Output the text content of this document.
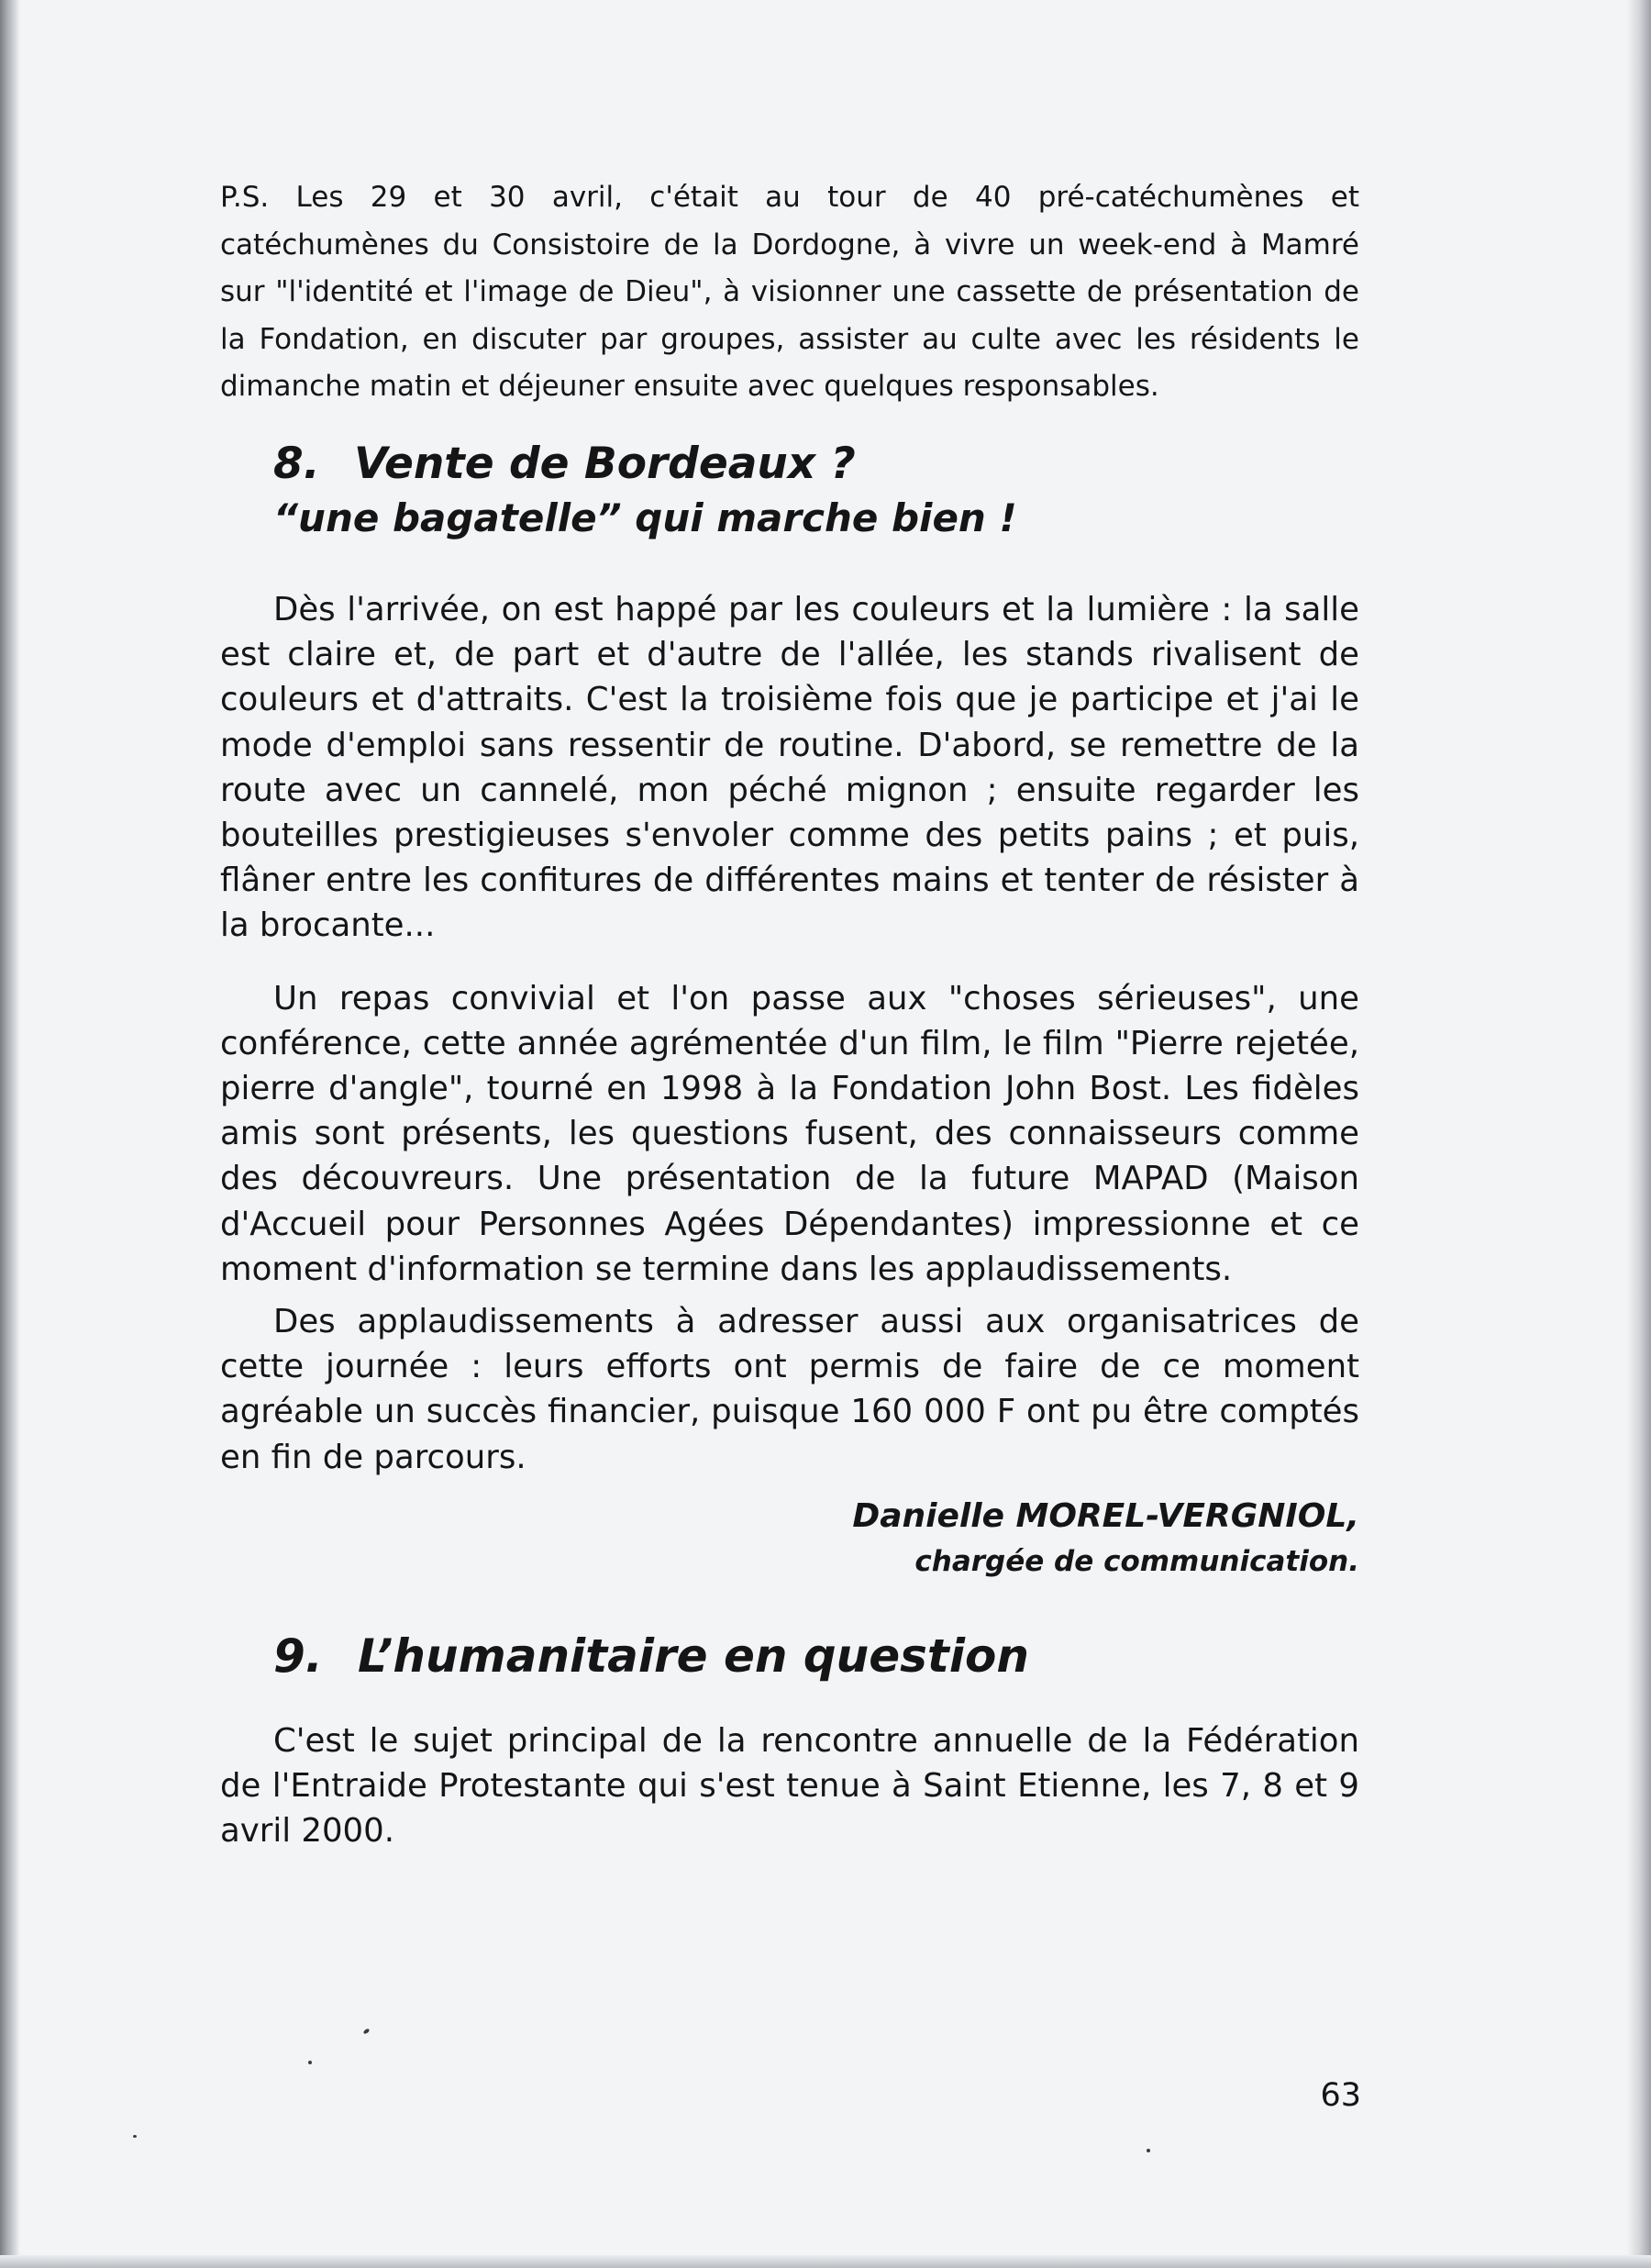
P.S. Les 29 et 30 avril, c'était au tour de 40 pré-catéchumènes et catéchumènes du Consistoire de la Dordogne, à vivre un week-end à Mamré sur "l'identité et l'image de Dieu", à visionner une cassette de présentation de la Fondation, en discuter par groupes, assister au culte avec les résidents le dimanche matin et déjeuner ensuite avec quelques responsables.

8. Vente de Bordeaux ?

“une bagatelle” qui marche bien !

Dès l'arrivée, on est happé par les couleurs et la lumière : la salle est claire et, de part et d'autre de l'allée, les stands rivalisent de couleurs et d'attraits. C'est la troisième fois que je participe et j'ai le mode d'emploi sans ressentir de routine. D'abord, se remettre de la route avec un cannelé, mon péché mignon ; ensuite regarder les bouteilles prestigieuses s'envoler comme des petits pains ; et puis, flâner entre les confitures de différentes mains et tenter de résister à la brocante...

Un repas convivial et l'on passe aux "choses sérieuses", une conférence, cette année agrémentée d'un film, le film "Pierre rejetée, pierre d'angle", tourné en 1998 à la Fondation John Bost. Les fidèles amis sont présents, les questions fusent, des connaisseurs comme des découvreurs. Une présentation de la future MAPAD (Maison d'Accueil pour Personnes Agées Dépendantes) impressionne et ce moment d'information se termine dans les applaudissements.

Des applaudissements à adresser aussi aux organisatrices de cette journée : leurs efforts ont permis de faire de ce moment agréable un succès financier, puisque 160 000 F ont pu être comptés en fin de parcours.

Danielle MOREL-VERGNIOL,

chargée de communication.

9. L’humanitaire en question

C'est le sujet principal de la rencontre annuelle de la Fédération de l'Entraide Protestante qui s'est tenue à Saint Etienne, les 7, 8 et 9 avril 2000.

63
